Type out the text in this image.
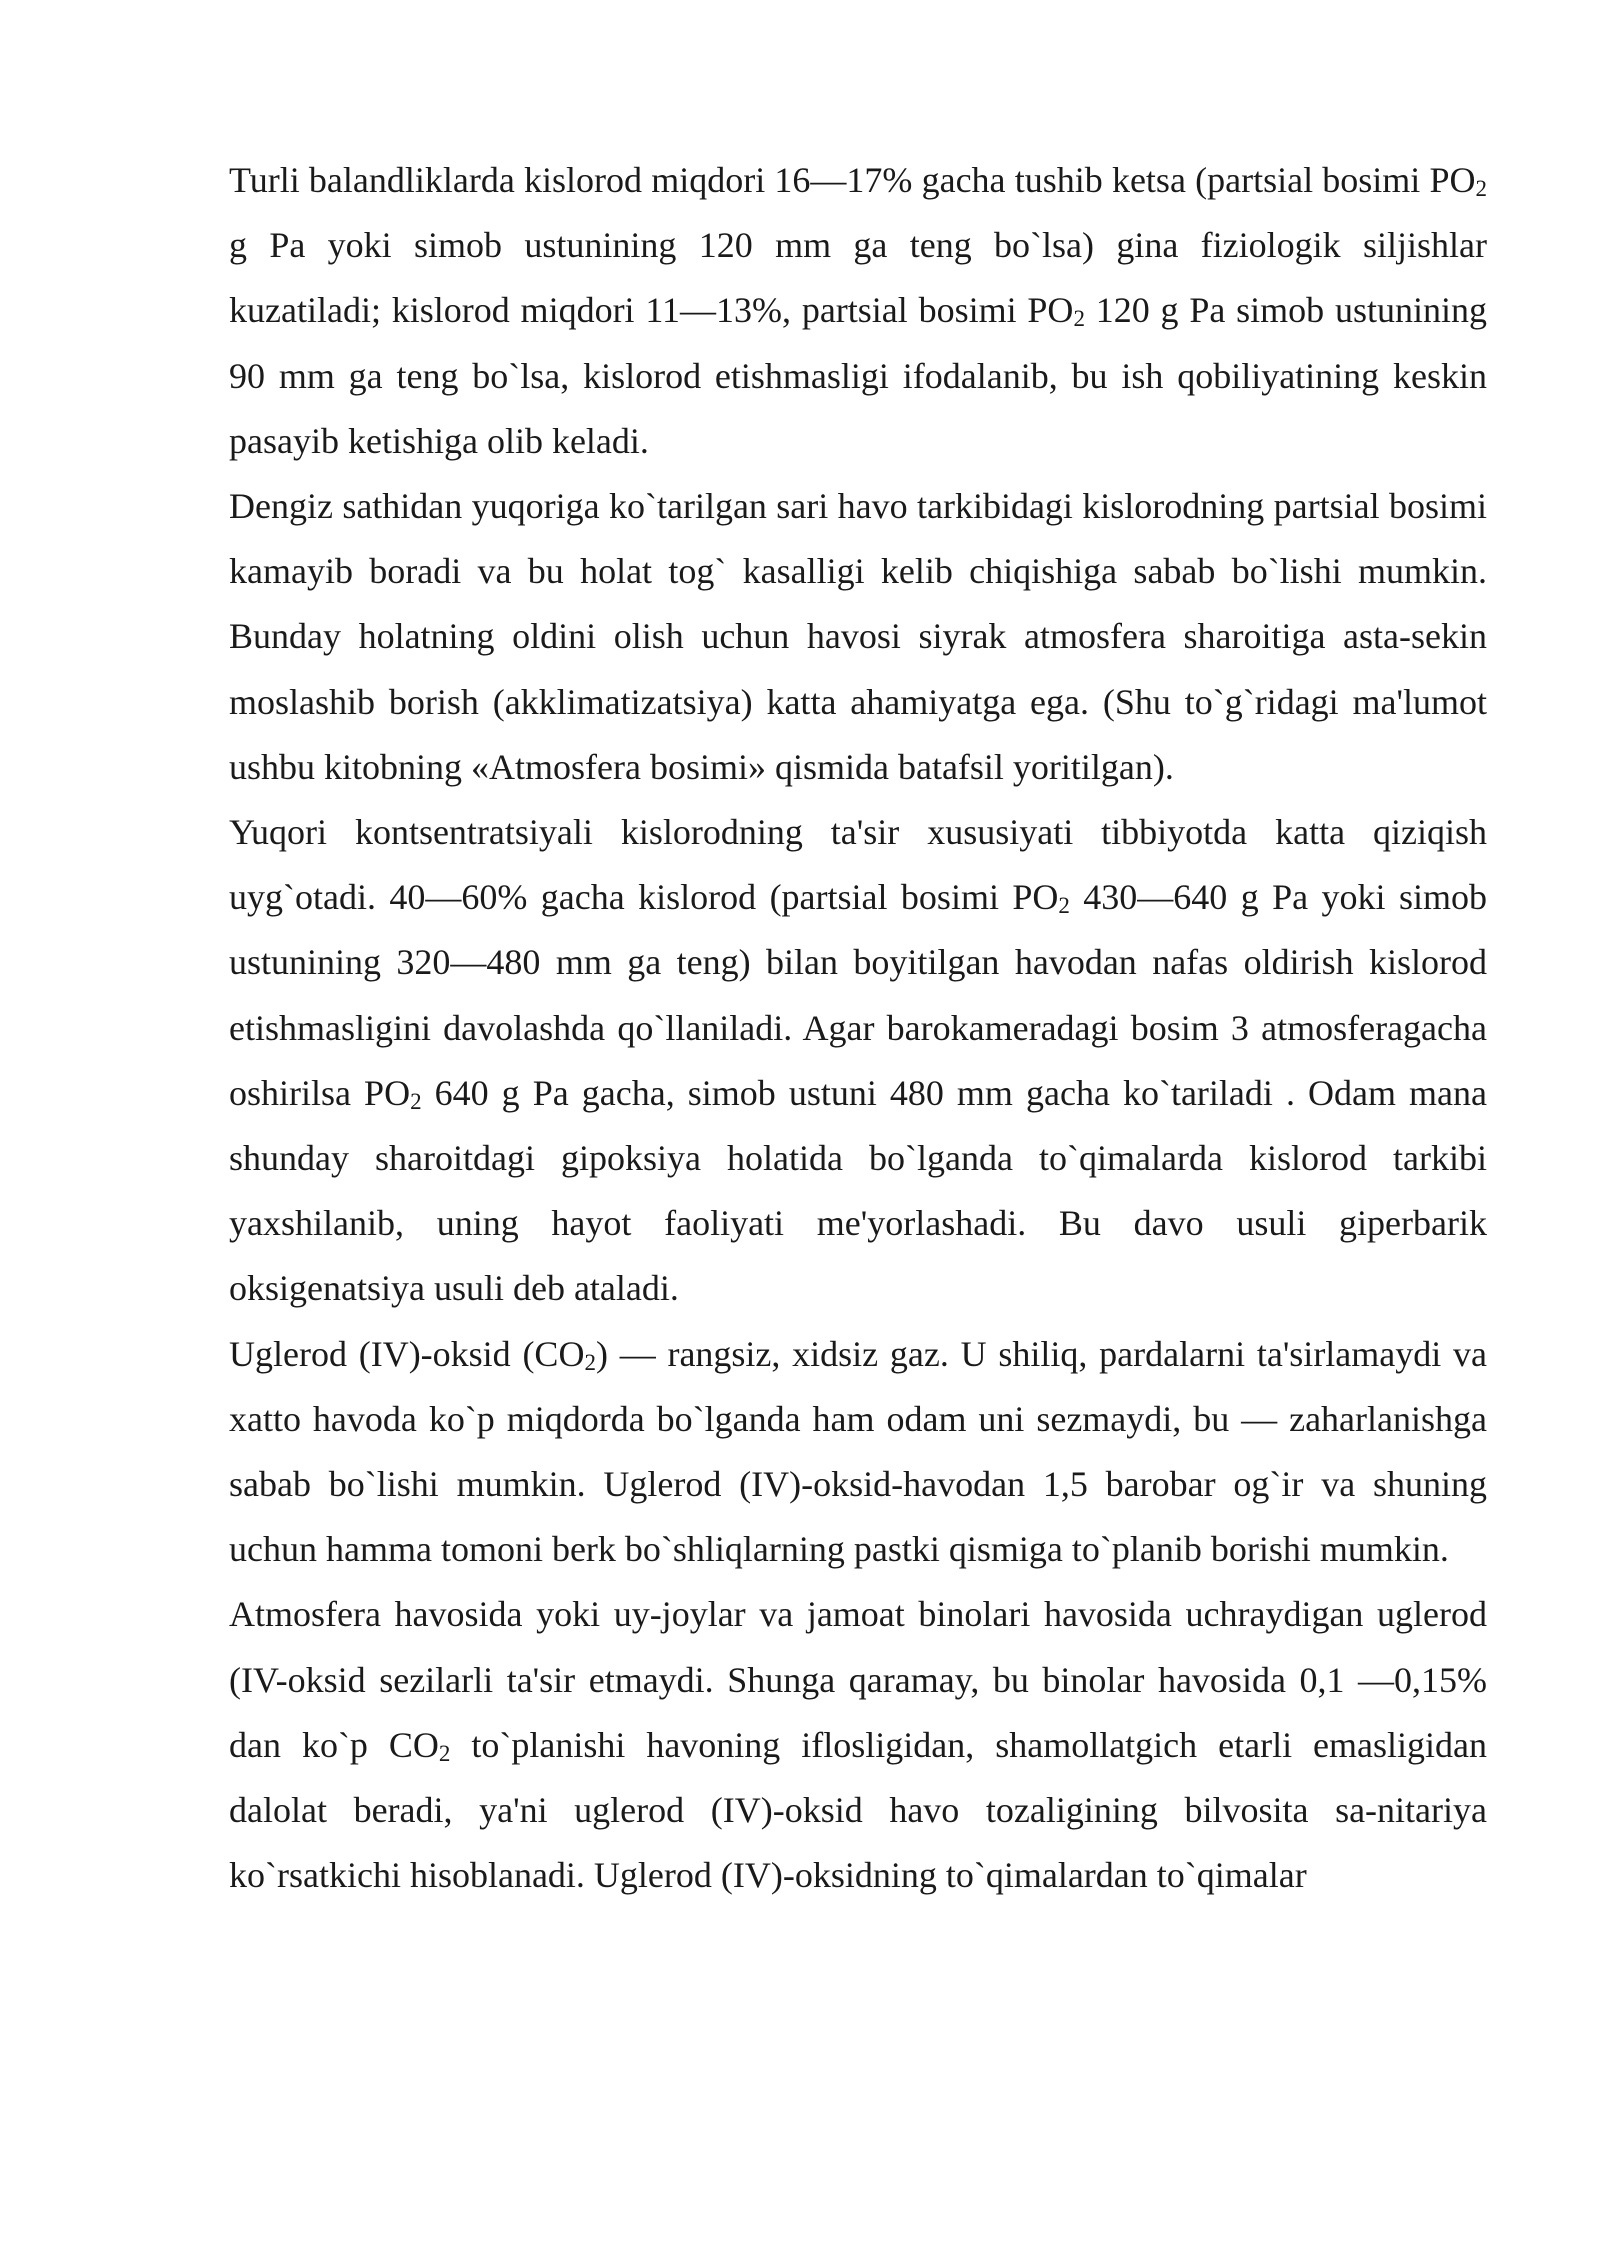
Turli balandliklarda kislorod miqdori 16—17% gacha tushib ketsa (partsial bosimi PO2 g Pa yoki simob ustunining 120 mm ga teng bo`lsa) gina fiziologik siljishlar kuzatiladi; kislorod miqdori 11—13%, partsial bosimi PO2 120 g Pa simob ustunining 90 mm ga teng bo`lsa, kislorod etishmasligi ifodalanib, bu ish qobiliyatining keskin pasayib ketishiga olib keladi.

Dengiz sathidan yuqoriga ko`tarilgan sari havo tarkibidagi kislorodning partsial bosimi kamayib boradi va bu holat tog` kasalligi kelib chiqishiga sabab bo`lishi mumkin. Bunday holatning oldini olish uchun havosi siyrak atmosfera sharoitiga asta-sekin moslashib borish (akklimatizatsiya) katta ahamiyatga ega. (Shu to`g`ridagi ma'lumot ushbu kitobning «Atmosfera bosimi» qismida batafsil yoritilgan).

Yuqori kontsentratsiyali kislorodning ta'sir xususiyati tibbiyotda katta qiziqish uyg`otadi. 40—60% gacha kislorod (partsial bosimi PO2 430—640 g Pa yoki simob ustunining 320—480 mm ga teng) bilan boyitilgan havodan nafas oldirish kislorod etishmasligini davolashda qo`llaniladi. Agar barokameradagi bosim 3 atmosferagacha oshirilsa PO2 640 g Pa gacha, simob ustuni 480 mm gacha ko`tariladi . Odam mana shunday sharoitdagi gipoksiya holatida bo`lganda to`qimalarda kislorod tarkibi yaxshilanib, uning hayot faoliyati me'yorlashadi. Bu davo usuli giperbarik oksigenatsiya usuli deb ataladi.

Uglerod (IV)-oksid (CO2) — rangsiz, xidsiz gaz. U shiliq, pardalarni ta'sirlamaydi va xatto havoda ko`p miqdorda bo`lganda ham odam uni sezmaydi, bu — zaharlanishga sabab bo`lishi mumkin. Uglerod (IV)-oksid-havodan 1,5 barobar og`ir va shuning uchun hamma tomoni berk bo`shliqlarning pastki qismiga to`planib borishi mumkin.

Atmosfera havosida yoki uy-joylar va jamoat binolari havosida uchraydigan uglerod (IV-oksid sezilarli ta'sir etmaydi. Shunga qaramay, bu binolar havosida 0,1 —0,15% dan ko`p CO2 to`planishi havoning iflosligidan, shamollatgich etarli emasligidan dalolat beradi, ya'ni uglerod (IV)-oksid havo tozaligining bilvosita sa-nitariya ko`rsatkichi hisoblanadi. Uglerod (IV)-oksidning to`qimalardan to`qimalar
